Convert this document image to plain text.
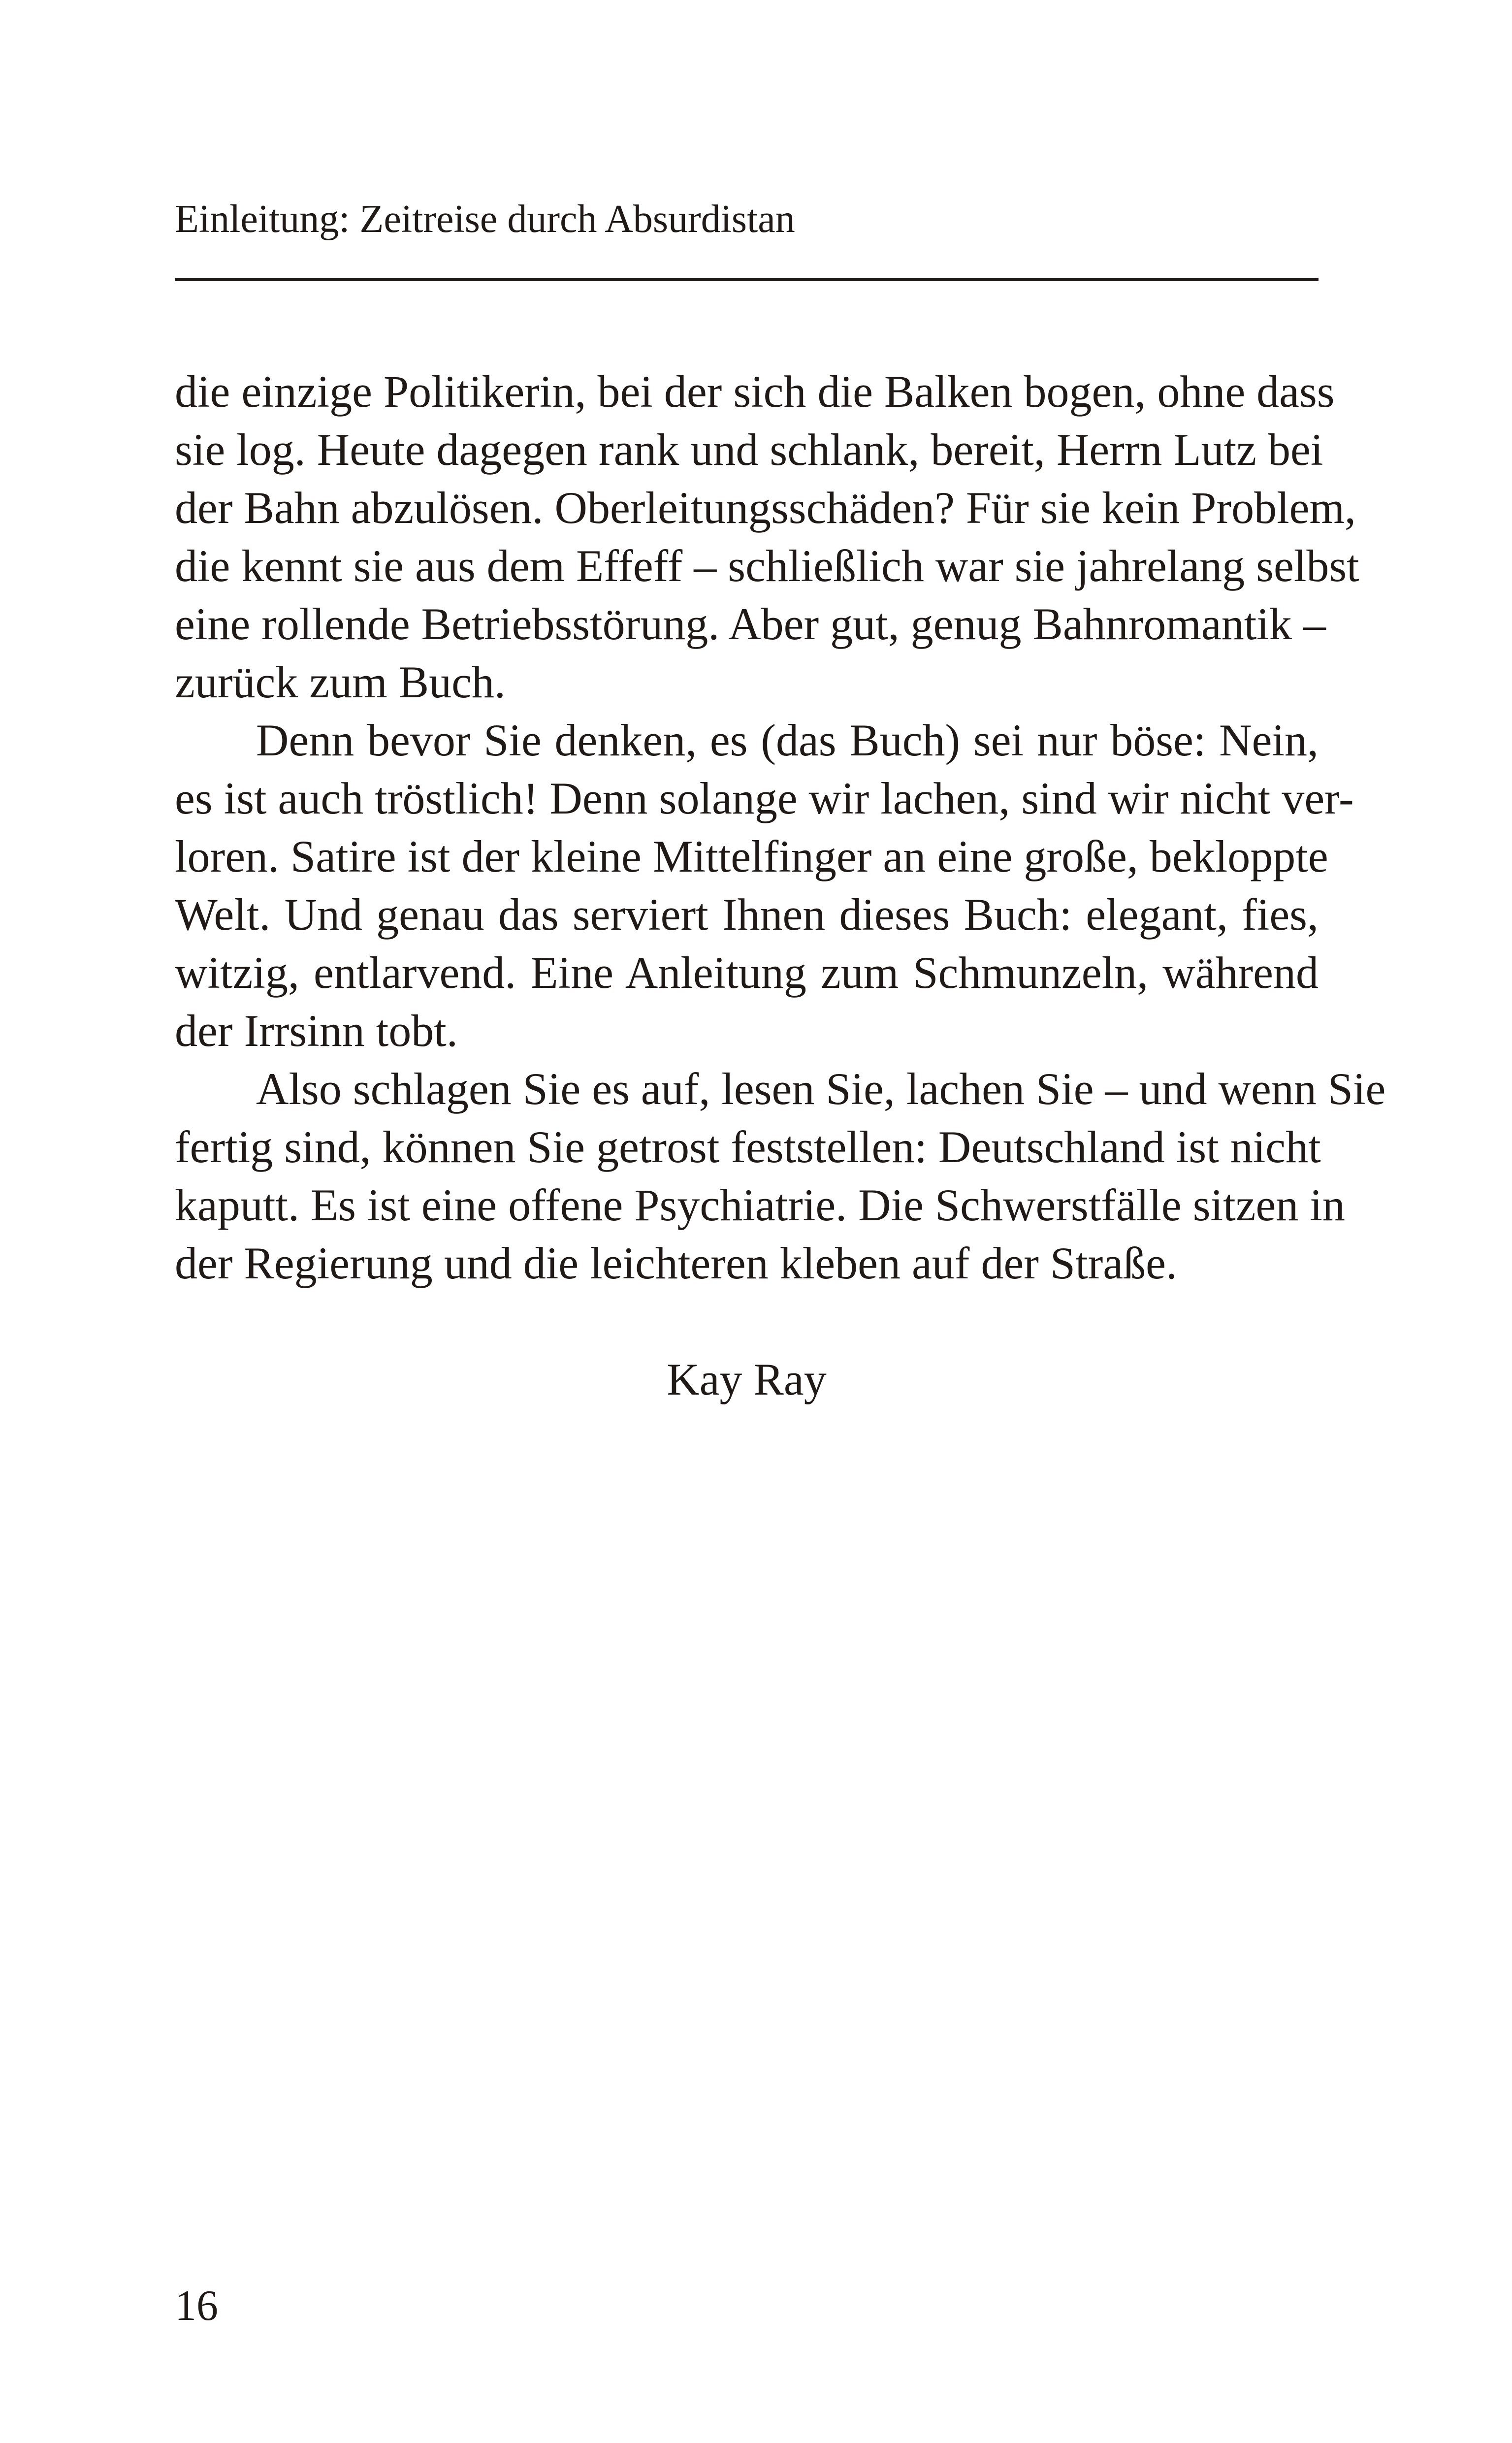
Einleitung: Zeitreise durch Absurdistan
die einzige Politikerin, bei der sich die Balken bogen, ohne dass
sie log. Heute dagegen rank und schlank, bereit, Herrn Lutz bei
der Bahn abzulösen. Oberleitungsschäden? Für sie kein Problem,
die kennt sie aus dem Effeff – schließlich war sie jahrelang selbst
eine rollende Betriebsstörung. Aber gut, genug Bahnromantik –
zurück zum Buch.
Denn bevor Sie denken, es (das Buch) sei nur böse: Nein,
es ist auch tröstlich! Denn solange wir lachen, sind wir nicht ver-
loren. Satire ist der kleine Mittelfinger an eine große, bekloppte
Welt. Und genau das serviert Ihnen dieses Buch: elegant, fies,
witzig, entlarvend. Eine Anleitung zum Schmunzeln, während
der Irrsinn tobt.
Also schlagen Sie es auf, lesen Sie, lachen Sie – und wenn Sie
fertig sind, können Sie getrost feststellen: Deutschland ist nicht
kaputt. Es ist eine offene Psychiatrie. Die Schwerstfälle sitzen in
der Regierung und die leichteren kleben auf der Straße.
Kay Ray
16
